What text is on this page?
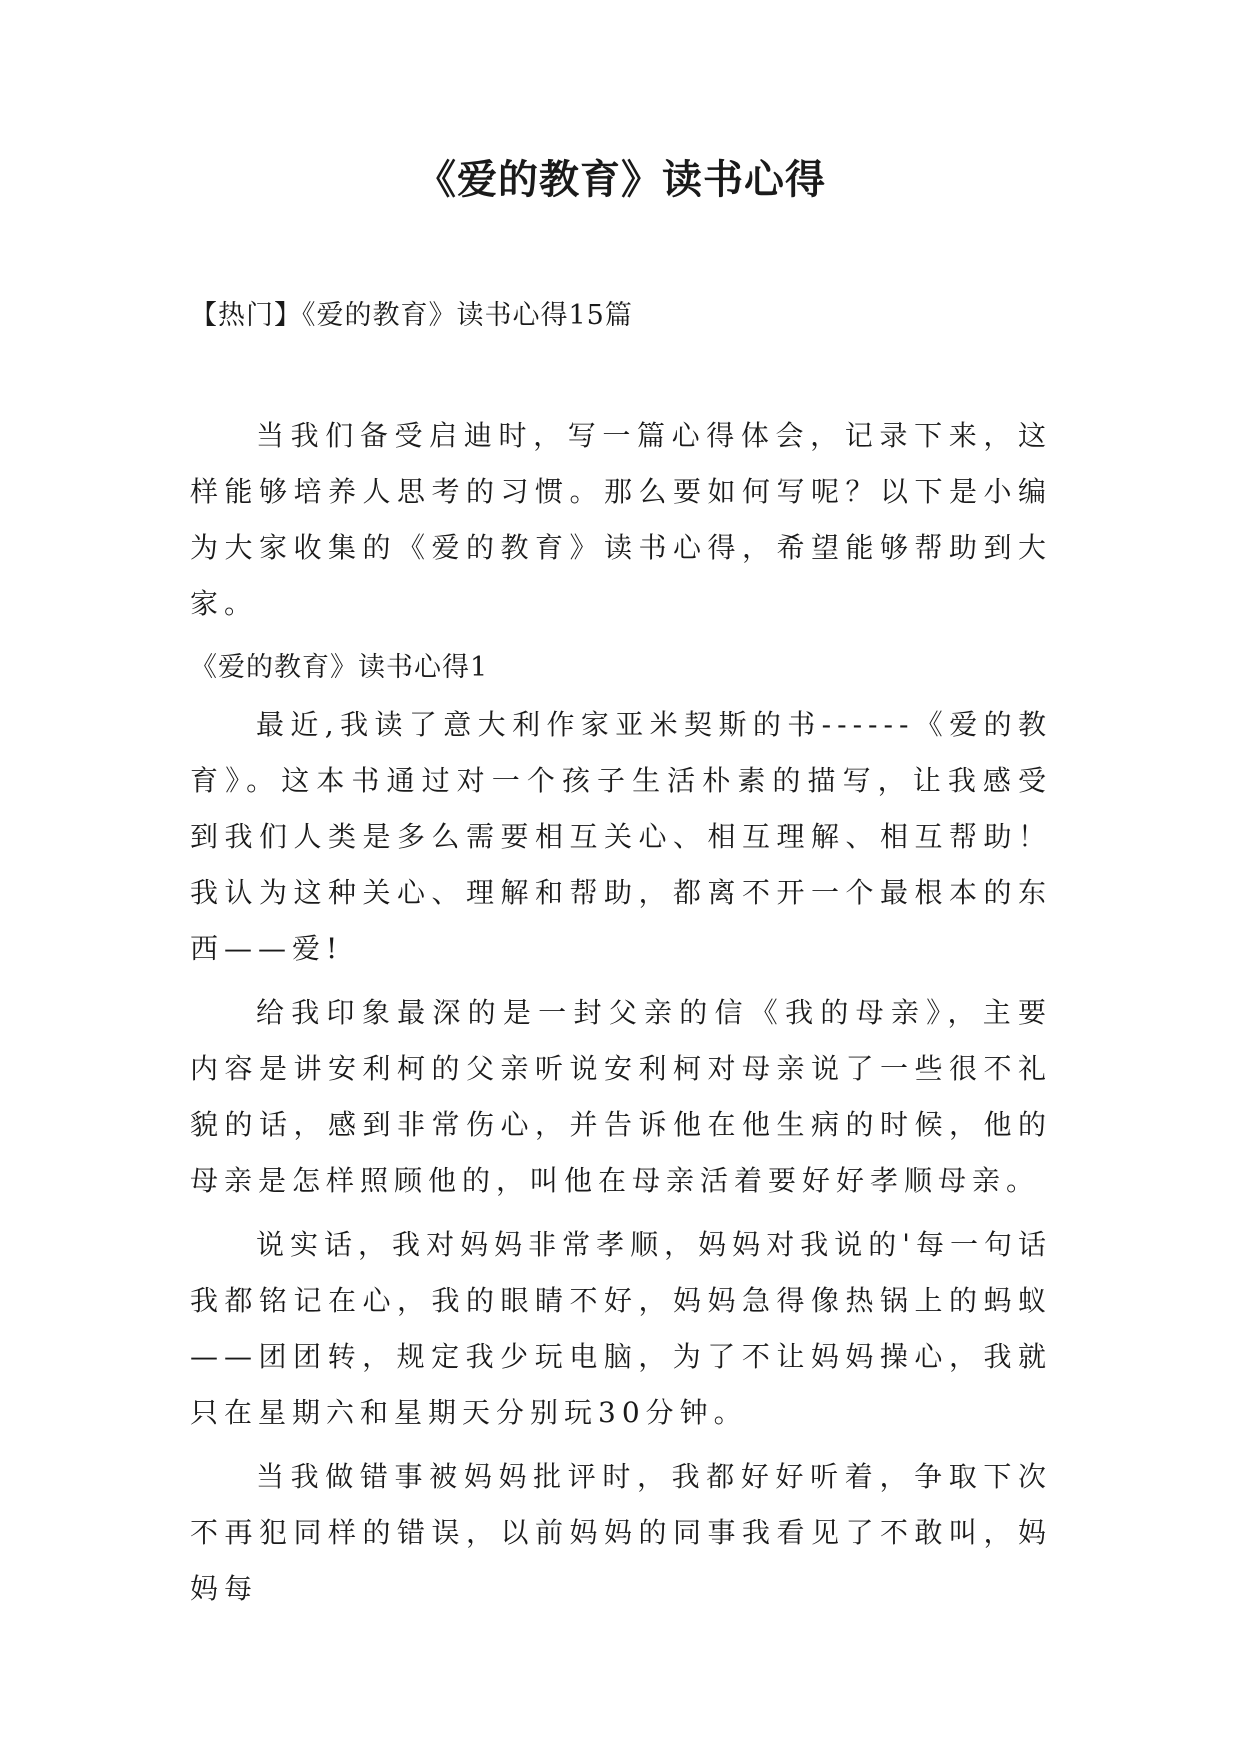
《爱的教育》读书心得

【热门】《爱的教育》读书心得15篇

当我们备受启迪时，写一篇心得体会，记录下来，这样能够培养人思考的习惯。那么要如何写呢？以下是小编为大家收集的《爱的教育》读书心得，希望能够帮助到大家。

《爱的教育》读书心得1

最近,我读了意大利作家亚米契斯的书------《爱的教育》。这本书通过对一个孩子生活朴素的描写，让我感受到我们人类是多么需要相互关心、相互理解、相互帮助！我认为这种关心、理解和帮助，都离不开一个最根本的东西——爱!

给我印象最深的是一封父亲的信《我的母亲》，主要内容是讲安利柯的父亲听说安利柯对母亲说了一些很不礼貌的话，感到非常伤心，并告诉他在他生病的时候，他的母亲是怎样照顾他的，叫他在母亲活着要好好孝顺母亲。

说实话，我对妈妈非常孝顺，妈妈对我说的'每一句话我都铭记在心，我的眼睛不好，妈妈急得像热锅上的蚂蚁——团团转，规定我少玩电脑，为了不让妈妈操心，我就只在星期六和星期天分别玩30分钟。

当我做错事被妈妈批评时，我都好好听着，争取下次不再犯同样的错误，以前妈妈的同事我看见了不敢叫，妈妈每
